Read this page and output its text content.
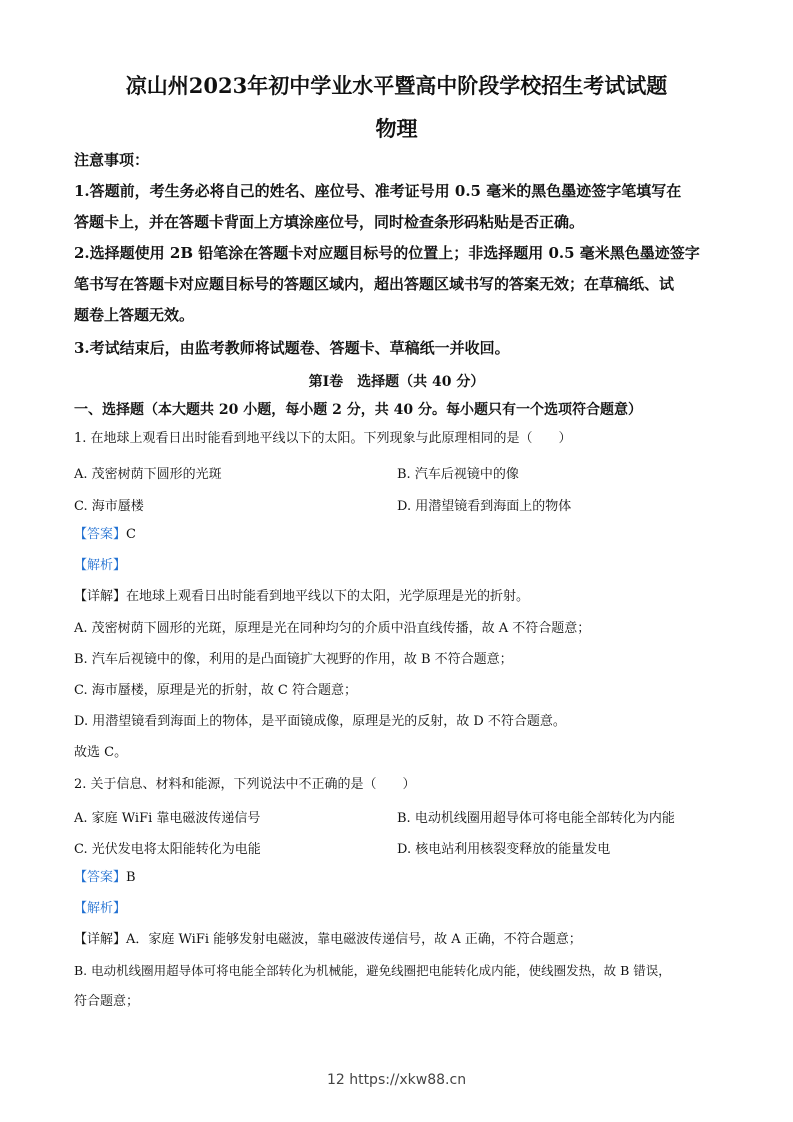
凉山州2023年初中学业水平暨高中阶段学校招生考试试题
物理
注意事项：
1.答题前，考生务必将自己的姓名、座位号、准考证号用 0.5 毫米的黑色墨迹签字笔填写在
答题卡上，并在答题卡背面上方填涂座位号，同时检查条形码粘贴是否正确。
2.选择题使用 2B 铅笔涂在答题卡对应题目标号的位置上；非选择题用 0.5 毫米黑色墨迹签字
笔书写在答题卡对应题目标号的答题区域内，超出答题区域书写的答案无效；在草稿纸、试
题卷上答题无效。
3.考试结束后，由监考教师将试题卷、答题卡、草稿纸一并收回。
第Ⅰ卷　选择题（共 40 分）
一、选择题（本大题共 20 小题，每小题 2 分，共 40 分。每小题只有一个选项符合题意）
1. 在地球上观看日出时能看到地平线以下的太阳。下列现象与此原理相同的是（　　）
A. 茂密树荫下圆形的光斑	B. 汽车后视镜中的像
C. 海市蜃楼	D. 用潜望镜看到海面上的物体
【答案】C
【解析】
【详解】在地球上观看日出时能看到地平线以下的太阳，光学原理是光的折射。
A. 茂密树荫下圆形的光斑，原理是光在同种均匀的介质中沿直线传播，故 A 不符合题意；
B. 汽车后视镜中的像，利用的是凸面镜扩大视野的作用，故 B 不符合题意；
C. 海市蜃楼，原理是光的折射，故 C 符合题意；
D. 用潜望镜看到海面上的物体，是平面镜成像，原理是光的反射，故 D 不符合题意。
故选 C。
2. 关于信息、材料和能源，下列说法中不正确的是（　　）
A. 家庭 WiFi 靠电磁波传递信号	B. 电动机线圈用超导体可将电能全部转化为内能
C. 光伏发电将太阳能转化为电能	D. 核电站利用核裂变释放的能量发电
【答案】B
【解析】
【详解】A．家庭 WiFi 能够发射电磁波，靠电磁波传递信号，故 A 正确，不符合题意；
B. 电动机线圈用超导体可将电能全部转化为机械能，避免线圈把电能转化成内能，使线圈发热，故 B 错误，
符合题意；
12 https://xkw88.cn
